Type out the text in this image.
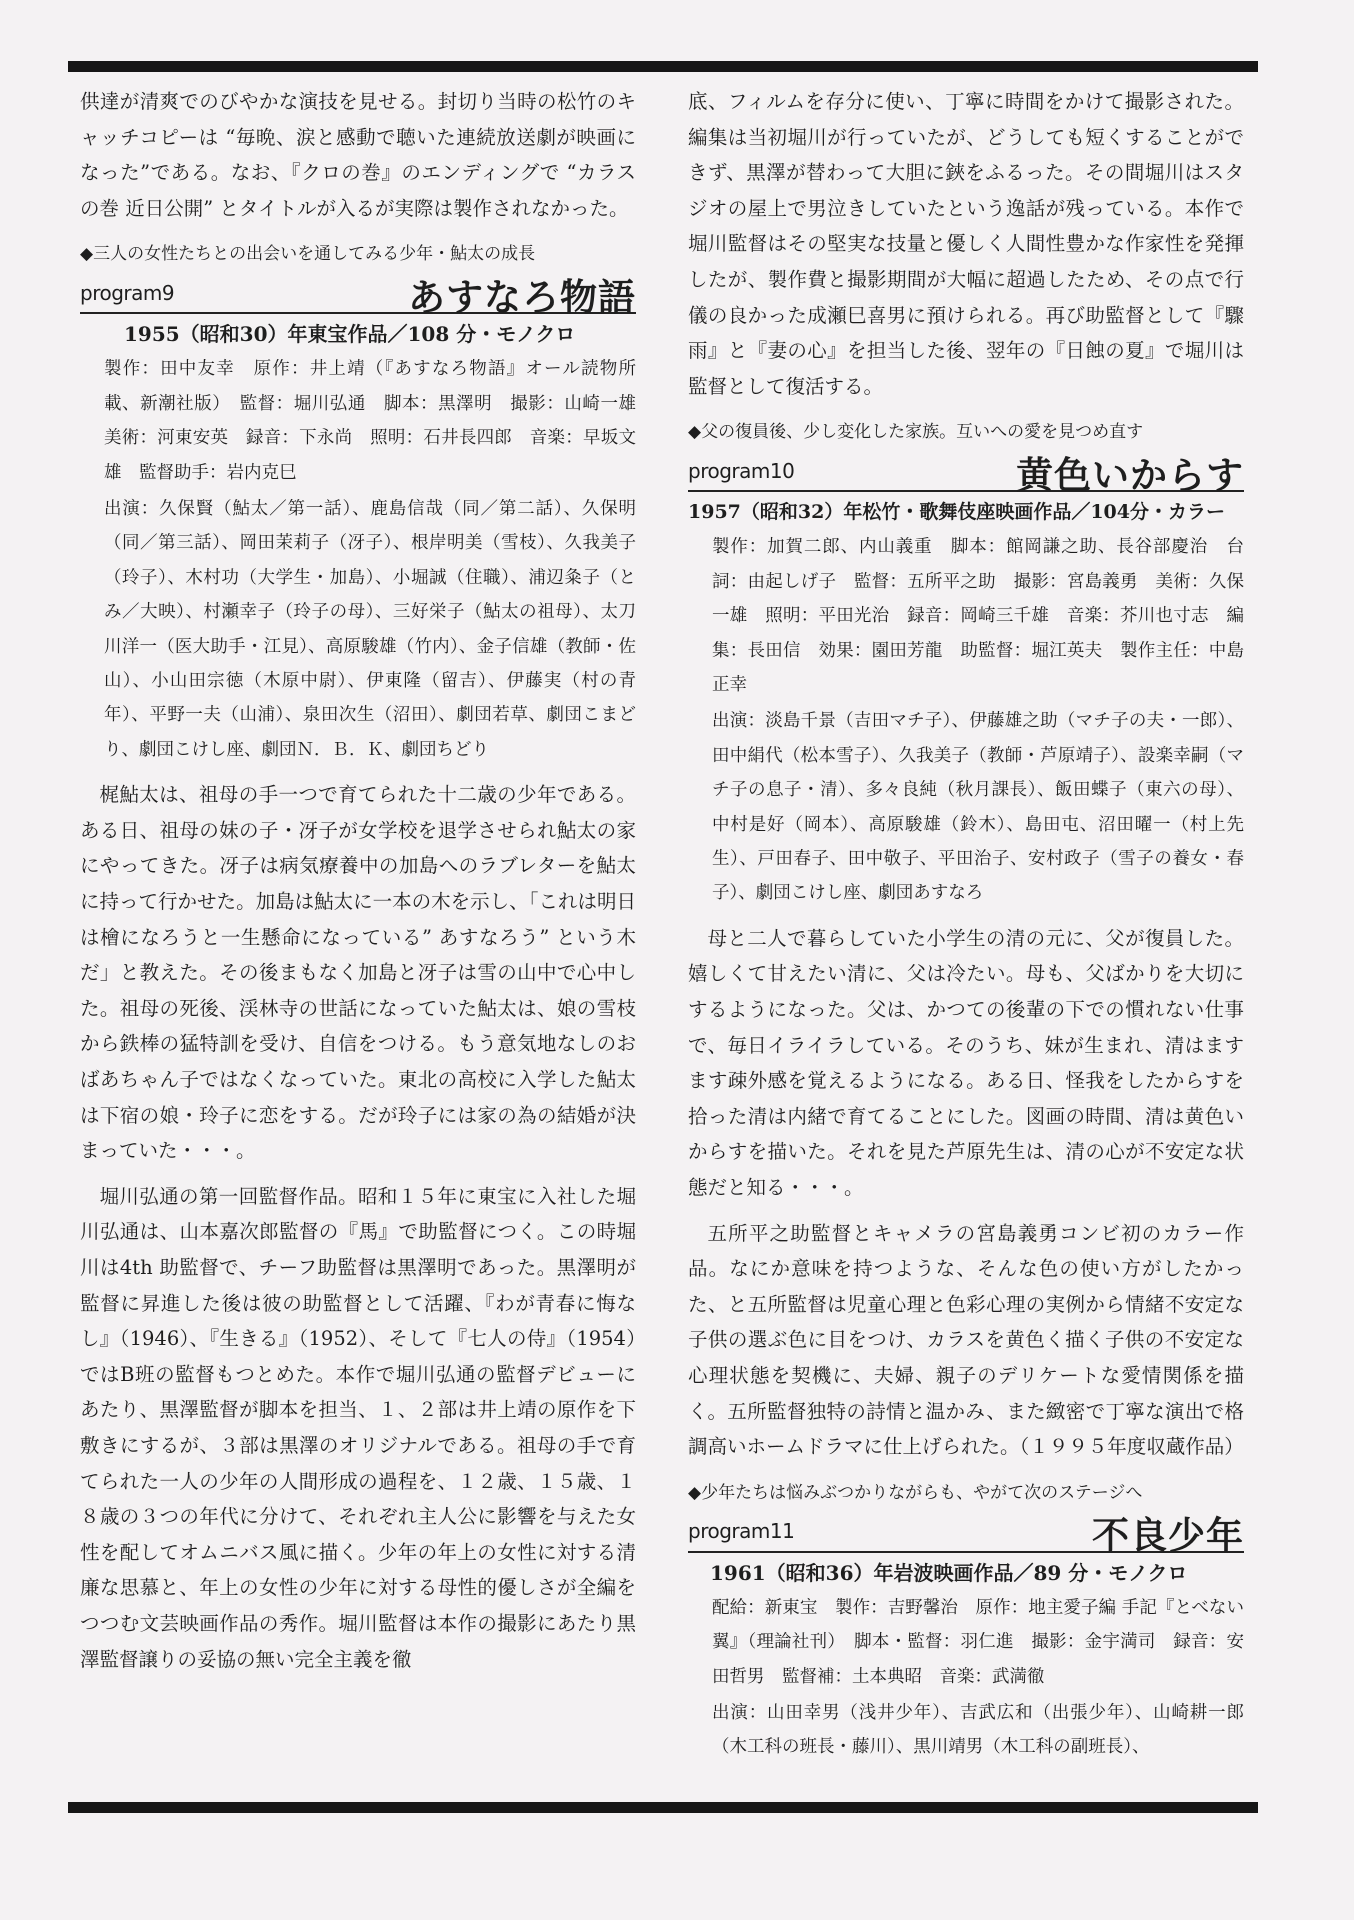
供達が清爽でのびやかな演技を見せる。封切り当時の松竹のキャッチコピーは “毎晩、涙と感動で聴いた連続放送劇が映画になった”である。なお、『クロの巻』のエンディングで “カラスの巻 近日公開” とタイトルが入るが実際は製作されなかった。

◆三人の女性たちとの出会いを通してみる少年・鮎太の成長
program9	あすなろ物語
1955（昭和30）年東宝作品／108 分・モノクロ
製作：田中友幸　原作：井上靖（『あすなろ物語』オール読物所載、新潮社版）　監督：堀川弘通　脚本：黒澤明　撮影：山崎一雄　美術：河東安英　録音：下永尚　照明：石井長四郎　音楽：早坂文雄　監督助手：岩内克巳
出演：久保賢（鮎太／第一話）、鹿島信哉（同／第二話）、久保明（同／第三話）、岡田茉莉子（冴子）、根岸明美（雪枝）、久我美子（玲子）、木村功（大学生・加島）、小堀誠（住職）、浦辺粂子（とみ／大映）、村瀬幸子（玲子の母）、三好栄子（鮎太の祖母）、太刀川洋一（医大助手・江見）、高原駿雄（竹内）、金子信雄（教師・佐山）、小山田宗徳（木原中尉）、伊東隆（留吉）、伊藤実（村の青年）、平野一夫（山浦）、泉田次生（沼田）、劇団若草、劇団こまどり、劇団こけし座、劇団Ｎ．Ｂ．Ｋ、劇団ちどり

梶鮎太は、祖母の手一つで育てられた十二歳の少年である。ある日、祖母の妹の子・冴子が女学校を退学させられ鮎太の家にやってきた。冴子は病気療養中の加島へのラブレターを鮎太に持って行かせた。加島は鮎太に一本の木を示し、「これは明日は檜になろうと一生懸命になっている” あすなろう” という木だ」と教えた。その後まもなく加島と冴子は雪の山中で心中した。祖母の死後、渓林寺の世話になっていた鮎太は、娘の雪枝から鉄棒の猛特訓を受け、自信をつける。もう意気地なしのおばあちゃん子ではなくなっていた。東北の高校に入学した鮎太は下宿の娘・玲子に恋をする。だが玲子には家の為の結婚が決まっていた・・・。

堀川弘通の第一回監督作品。昭和１５年に東宝に入社した堀川弘通は、山本嘉次郎監督の『馬』で助監督につく。この時堀川は4th 助監督で、チーフ助監督は黒澤明であった。黒澤明が監督に昇進した後は彼の助監督として活躍、『わが青春に悔なし』（1946）、『生きる』（1952）、そして『七人の侍』（1954）ではB班の監督もつとめた。本作で堀川弘通の監督デビューにあたり、黒澤監督が脚本を担当、１、２部は井上靖の原作を下敷きにするが、３部は黒澤のオリジナルである。祖母の手で育てられた一人の少年の人間形成の過程を、１２歳、１５歳、１８歳の３つの年代に分けて、それぞれ主人公に影響を与えた女性を配してオムニバス風に描く。少年の年上の女性に対する清廉な思慕と、年上の女性の少年に対する母性的優しさが全編をつつむ文芸映画作品の秀作。堀川監督は本作の撮影にあたり黒澤監督譲りの妥協の無い完全主義を徹

底、フィルムを存分に使い、丁寧に時間をかけて撮影された。編集は当初堀川が行っていたが、どうしても短くすることができず、黒澤が替わって大胆に鋏をふるった。その間堀川はスタジオの屋上で男泣きしていたという逸話が残っている。本作で堀川監督はその堅実な技量と優しく人間性豊かな作家性を発揮したが、製作費と撮影期間が大幅に超過したため、その点で行儀の良かった成瀬巳喜男に預けられる。再び助監督として『驟雨』と『妻の心』を担当した後、翌年の『日蝕の夏』で堀川は監督として復活する。

◆父の復員後、少し変化した家族。互いへの愛を見つめ直す
program10	黄色いからす
1957（昭和32）年松竹・歌舞伎座映画作品／104分・カラー
製作：加賀二郎、内山義重　脚本：館岡謙之助、長谷部慶治　台詞：由起しげ子　監督：五所平之助　撮影：宮島義勇　美術：久保一雄　照明：平田光治　録音：岡崎三千雄　音楽：芥川也寸志　編集：長田信　効果：園田芳龍　助監督：堀江英夫　製作主任：中島正幸
出演：淡島千景（吉田マチ子）、伊藤雄之助（マチ子の夫・一郎）、田中絹代（松本雪子）、久我美子（教師・芦原靖子）、設楽幸嗣（マチ子の息子・清）、多々良純（秋月課長）、飯田蝶子（東六の母）、中村是好（岡本）、高原駿雄（鈴木）、島田屯、沼田曜一（村上先生）、戸田春子、田中敬子、平田治子、安村政子（雪子の養女・春子）、劇団こけし座、劇団あすなろ

母と二人で暮らしていた小学生の清の元に、父が復員した。嬉しくて甘えたい清に、父は冷たい。母も、父ばかりを大切にするようになった。父は、かつての後輩の下での慣れない仕事で、毎日イライラしている。そのうち、妹が生まれ、清はますます疎外感を覚えるようになる。ある日、怪我をしたからすを拾った清は内緒で育てることにした。図画の時間、清は黄色いからすを描いた。それを見た芦原先生は、清の心が不安定な状態だと知る・・・。

五所平之助監督とキャメラの宮島義勇コンビ初のカラー作品。なにか意味を持つような、そんな色の使い方がしたかった、と五所監督は児童心理と色彩心理の実例から情緒不安定な子供の選ぶ色に目をつけ、カラスを黄色く描く子供の不安定な心理状態を契機に、夫婦、親子のデリケートな愛情関係を描く。五所監督独特の詩情と温かみ、また緻密で丁寧な演出で格調高いホームドラマに仕上げられた。（１９９５年度収蔵作品）

◆少年たちは悩みぶつかりながらも、やがて次のステージへ
program11	不良少年
1961（昭和36）年岩波映画作品／89 分・モノクロ
配給：新東宝　製作：吉野馨治　原作：地主愛子編 手記『とべない翼』（理論社刊）　脚本・監督：羽仁進　撮影：金宇満司　録音：安田哲男　監督補：土本典昭　音楽：武満徹
出演：山田幸男（浅井少年）、吉武広和（出張少年）、山崎耕一郎（木工科の班長・藤川）、黒川靖男（木工科の副班長）、
